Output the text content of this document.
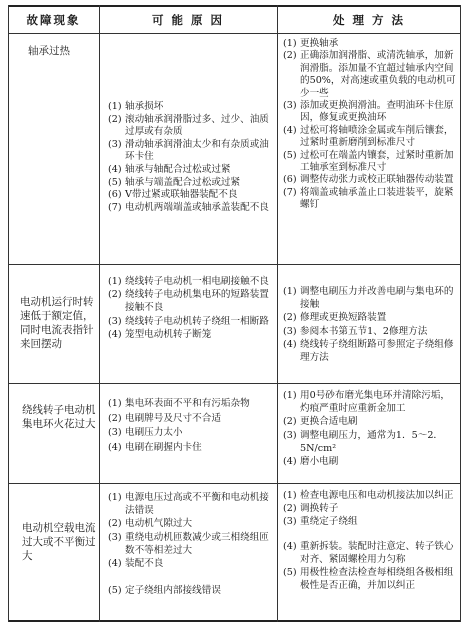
故障现象	可 能 原 因	处 理 方 法
轴承过热
(1) 轴承损坏
(2) 滚动轴承润滑脂过多、过少、油质过厚或有杂质
(3) 滑动轴承润滑油太少和有杂质或油环卡住
(4) 轴承与轴配合过松或过紧
(5) 轴承与端盖配合过松或过紧
(6) V带过紧或联轴器装配不良
(7) 电动机两端端盖或轴承盖装配不良
(1) 更换轴承
(2) 正确添加润滑脂、或清洗轴承，加新润滑脂。添加量不宜超过轴承内空间的50%，对高速或重负载的电动机可少一些
(3) 添加或更换润滑油。查明油环卡住原因，修复或更换油环
(4) 过松可将轴喷涂金属或车削后镶套，过紧时重新磨削到标准尺寸
(5) 过松可在端盖内镶套，过紧时重新加工轴承室到标准尺寸
(6) 调整传动张力或校正联轴器传动装置
(7) 将端盖或轴承盖止口装进装平，旋紧螺钉
电动机运行时转速低于额定值，同时电流表指针来回摆动
(1) 绕线转子电动机一相电刷接触不良
(2) 绕线转子电动机集电环的短路装置接触不良
(3) 绕线转子电动机转子绕组一相断路
(4) 笼型电动机转子断笼
(1) 调整电刷压力并改善电刷与集电环的接触
(2) 修理或更换短路装置
(3) 参阅本书第五节1、2修理方法
(4) 绕线转子绕组断路可参照定子绕组修理方法
绕线转子电动机集电环火花过大
(1) 集电环表面不平和有污垢杂物
(2) 电刷牌号及尺寸不合适
(3) 电刷压力太小
(4) 电刷在刷握内卡住
(1) 用0号砂布磨光集电环并清除污垢，灼痕严重时应重新金加工
(2) 更换合适电刷
(3) 调整电刷压力，通常为1．5～2．5N/cm²
(4) 磨小电刷
电动机空载电流过大或不平衡过大
(1) 电源电压过高或不平衡和电动机接法错误
(2) 电动机气隙过大
(3) 重绕电动机匝数减少或三相绕组匝数不等相差过大
(4) 装配不良
(5) 定子绕组内部接线错误
(1) 检查电源电压和电动机接法加以纠正
(2) 调换转子
(3) 重绕定子绕组
(4) 重新拆装。装配时注意定、转子铁心对齐、紧固螺栓用力匀称
(5) 用极性检查法检查每相绕组各极相组极性是否正确，并加以纠正
